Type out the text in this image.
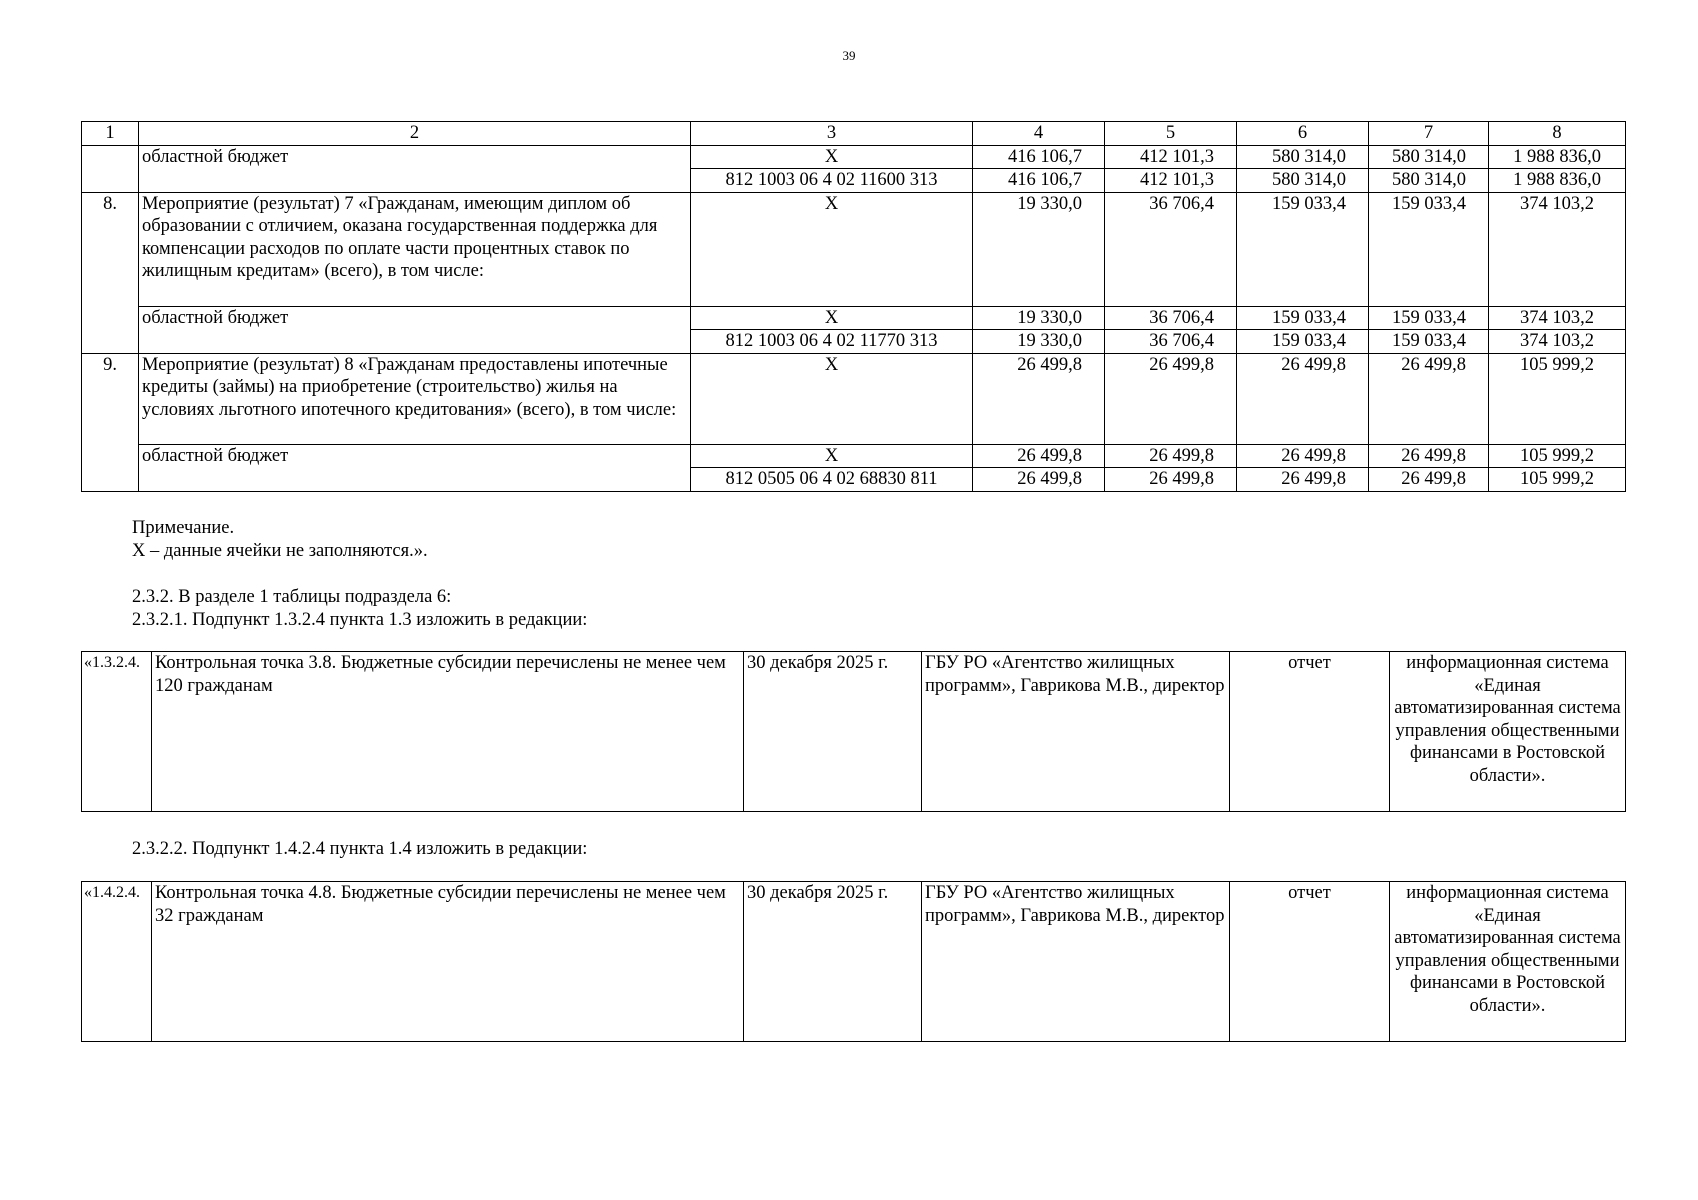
39
1	2	3	4	5	6	7	8
	областной бюджет	X	416 106,7	412 101,3	580 314,0	580 314,0	1 988 836,0
		812 1003 06 4 02 11600 313	416 106,7	412 101,3	580 314,0	580 314,0	1 988 836,0
8.	Мероприятие (результат) 7 «Гражданам, имеющим диплом об образовании с отличием, оказана государственная поддержка для компенсации расходов по оплате части процентных ставок по жилищным кредитам» (всего), в том числе:	X	19 330,0	36 706,4	159 033,4	159 033,4	374 103,2
	областной бюджет	X	19 330,0	36 706,4	159 033,4	159 033,4	374 103,2
		812 1003 06 4 02 11770 313	19 330,0	36 706,4	159 033,4	159 033,4	374 103,2
9.	Мероприятие (результат) 8 «Гражданам предоставлены ипотечные кредиты (займы) на приобретение (строительство) жилья на условиях льготного ипотечного кредитования» (всего), в том числе:	X	26 499,8	26 499,8	26 499,8	26 499,8	105 999,2
	областной бюджет	X	26 499,8	26 499,8	26 499,8	26 499,8	105 999,2
		812 0505 06 4 02 68830 811	26 499,8	26 499,8	26 499,8	26 499,8	105 999,2
Примечание.
X – данные ячейки не заполняются.».
2.3.2. В разделе 1 таблицы подраздела 6:
2.3.2.1. Подпункт 1.3.2.4 пункта 1.3 изложить в редакции:
«1.3.2.4.	Контрольная точка 3.8. Бюджетные субсидии перечислены не менее чем 120 гражданам	30 декабря 2025 г.	ГБУ РО «Агентство жилищных программ», Гаврикова М.В., директор	отчет	информационная система «Единая автоматизированная система управления общественными финансами в Ростовской области».
2.3.2.2. Подпункт 1.4.2.4 пункта 1.4 изложить в редакции:
«1.4.2.4.	Контрольная точка 4.8. Бюджетные субсидии перечислены не менее чем 32 гражданам	30 декабря 2025 г.	ГБУ РО «Агентство жилищных программ», Гаврикова М.В., директор	отчет	информационная система «Единая автоматизированная система управления общественными финансами в Ростовской области».
